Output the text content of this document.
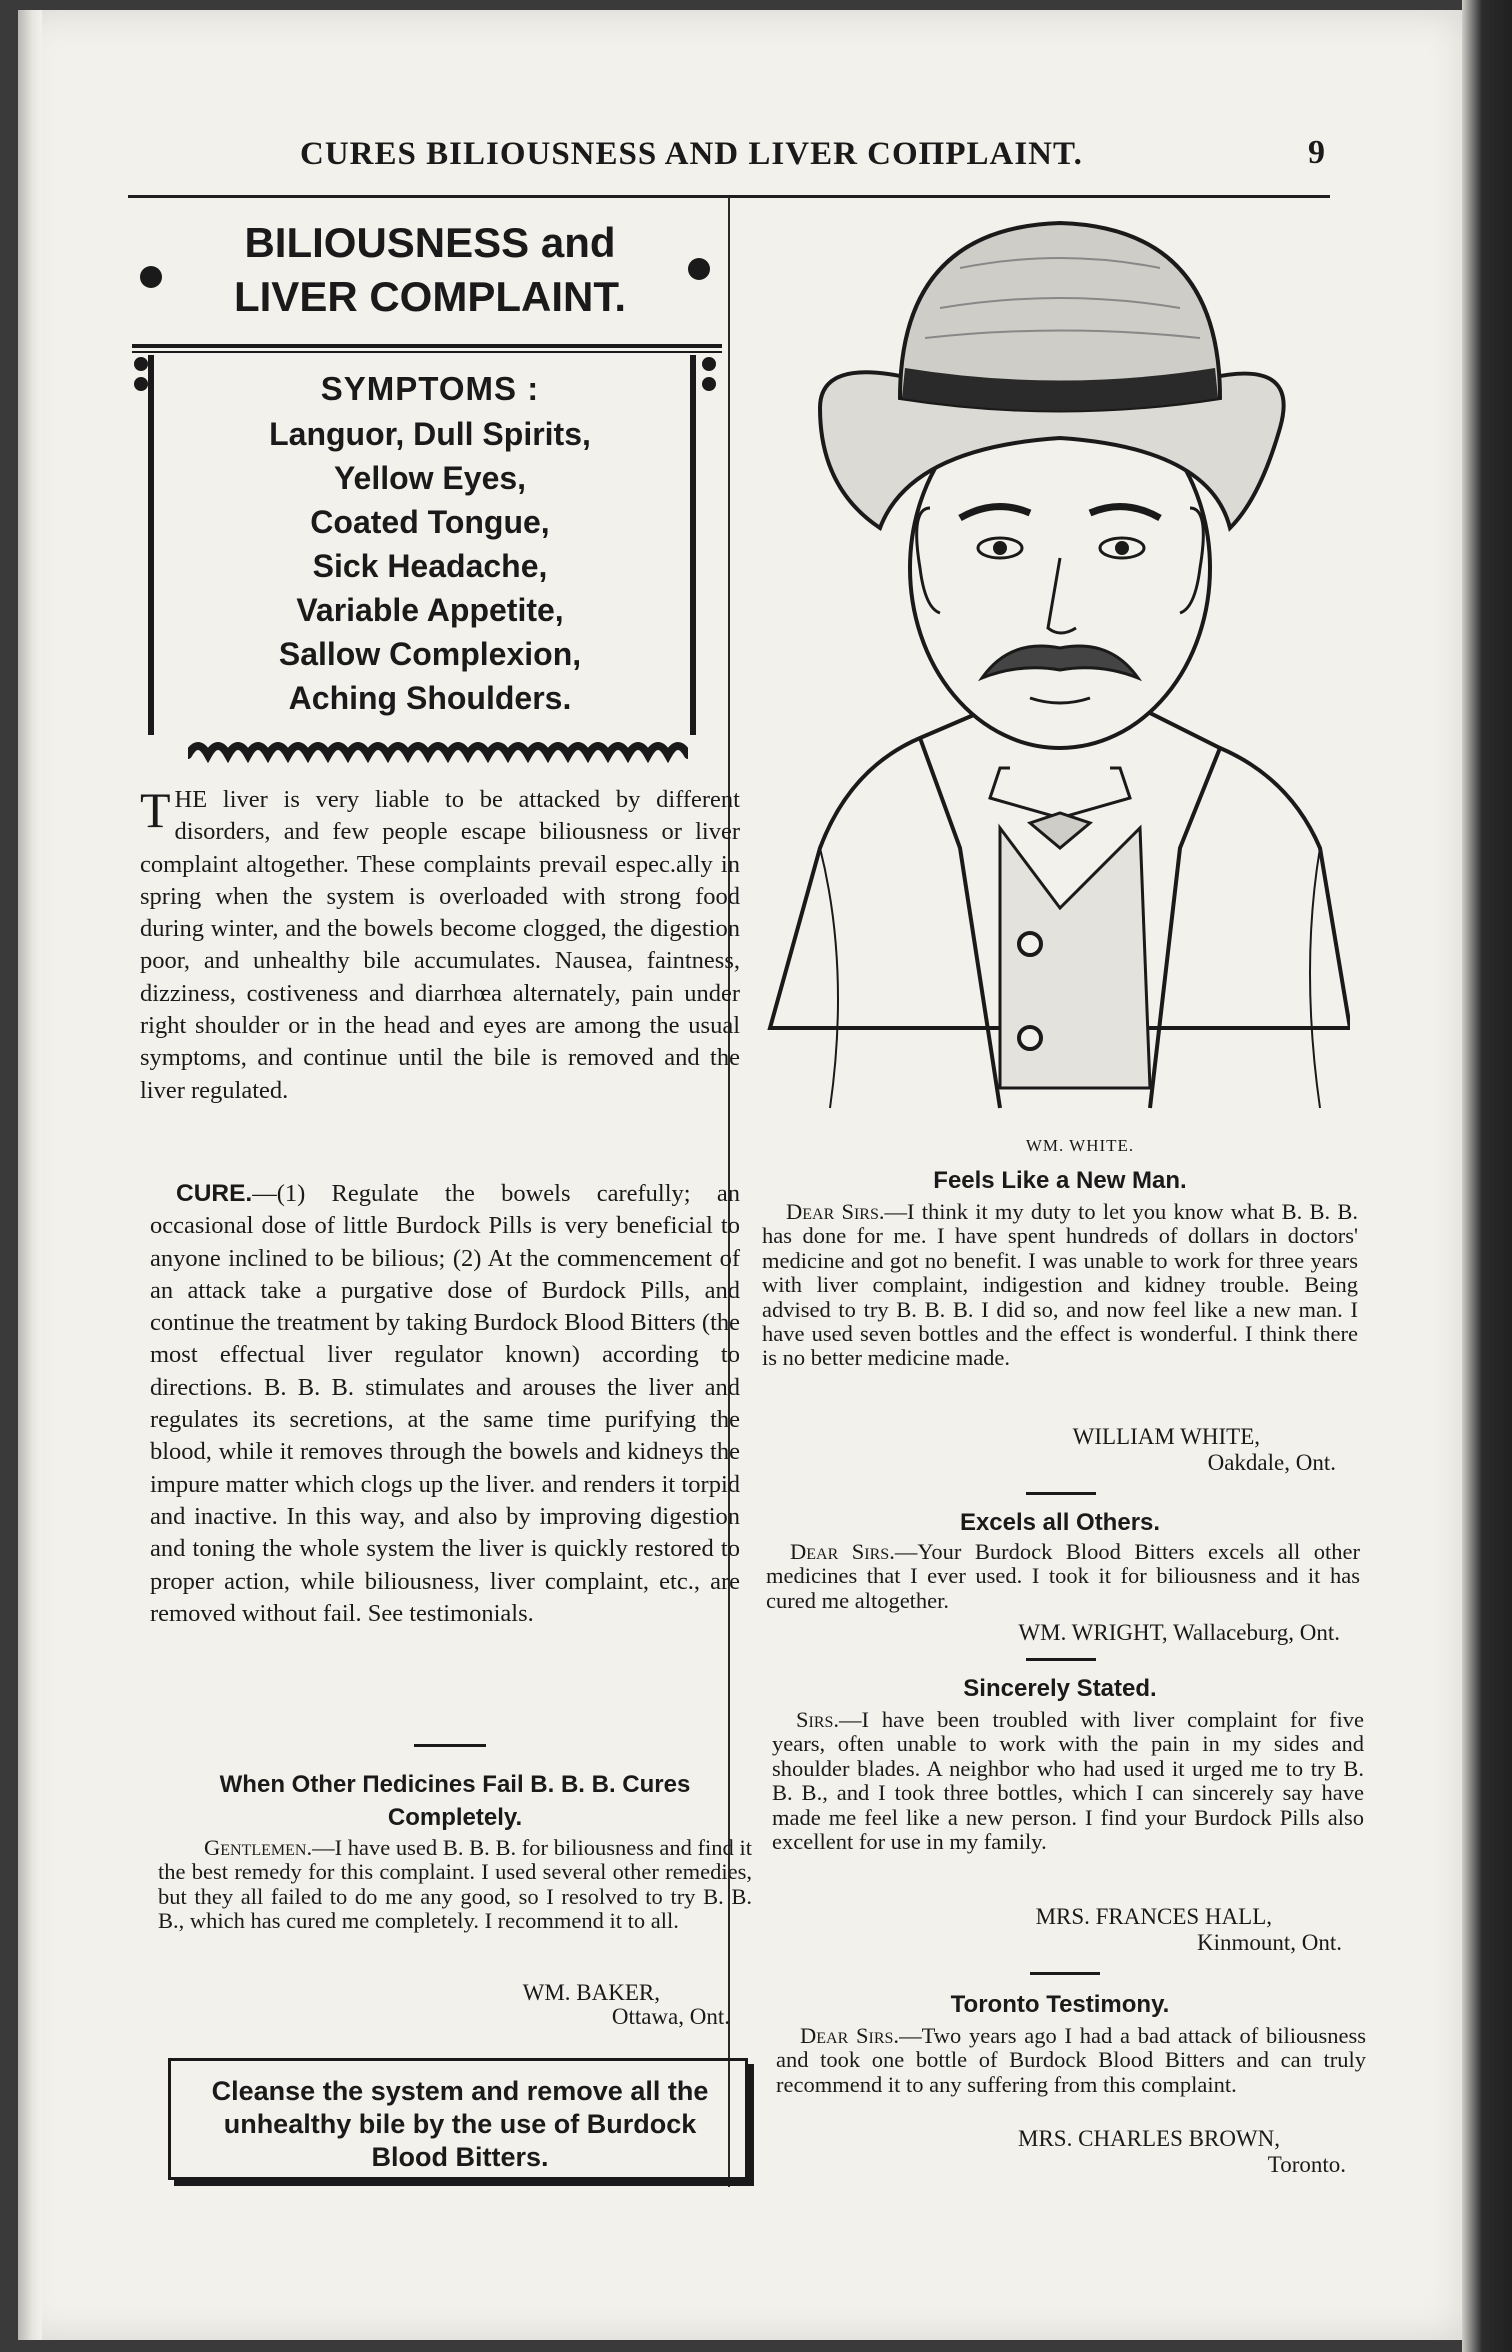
CURES BILIOUSNESS AND LIVER COПPLAINT.	9
BILIOUSNESS and
LIVER COMPLAINT.
SYMPTOMS :
Languor, Dull Spirits,
Yellow Eyes,
Coated Tongue,
Sick Headache,
Variable Appetite,
Sallow Complexion,
Aching Shoulders.
THE liver is very liable to be attacked by different disorders, and few people escape biliousness or liver complaint altogether. These complaints prevail espec.ally in spring when the system is overloaded with strong food during winter, and the bowels become clogged, the digestion poor, and unhealthy bile accumulates. Nausea, faintness, dizziness, costiveness and diarrhœa alternately, pain under right shoulder or in the head and eyes are among the usual symptoms, and continue until the bile is removed and the liver regulated.
CURE.—(1) Regulate the bowels carefully; an occasional dose of little Burdock Pills is very beneficial to anyone inclined to be bilious; (2) At the commencement of an attack take a purgative dose of Burdock Pills, and continue the treatment by taking Burdock Blood Bitters (the most effectual liver regulator known) according to directions. B. B. B. stimulates and arouses the liver and regulates its secretions, at the same time purifying the blood, while it removes through the bowels and kidneys the impure matter which clogs up the liver. and renders it torpid and inactive. In this way, and also by improving digestion and toning the whole system the liver is quickly restored to proper action, while biliousness, liver complaint, etc., are removed without fail. See testimonials.
When Other Пedicines Fail B. B. B. Cures Completely.
Gentlemen.—I have used B. B. B. for biliousness and find it the best remedy for this complaint. I used several other remedies, but they all failed to do me any good, so I resolved to try B. B. B., which has cured me completely. I recommend it to all.
WM. BAKER,
Ottawa, Ont.
Cleanse the system and remove all the unhealthy bile by the use of Burdock Blood Bitters.
WM. WHITE.
Feels Like a New Man.
Dear Sirs.—I think it my duty to let you know what B. B. B. has done for me. I have spent hundreds of dollars in doctors' medicine and got no benefit. I was unable to work for three years with liver complaint, indigestion and kidney trouble. Being advised to try B. B. B. I did so, and now feel like a new man. I have used seven bottles and the effect is wonderful. I think there is no better medicine made.
WILLIAM WHITE,
Oakdale, Ont.
Excels all Others.
Dear Sirs.—Your Burdock Blood Bitters excels all other medicines that I ever used. I took it for biliousness and it has cured me altogether.
WM. WRIGHT, Wallaceburg, Ont.
Sincerely Stated.
Sirs.—I have been troubled with liver complaint for five years, often unable to work with the pain in my sides and shoulder blades. A neighbor who had used it urged me to try B. B. B., and I took three bottles, which I can sincerely say have made me feel like a new person. I find your Burdock Pills also excellent for use in my family.
MRS. FRANCES HALL,
Kinmount, Ont.
Toronto Testimony.
Dear Sirs.—Two years ago I had a bad attack of biliousness and took one bottle of Burdock Blood Bitters and can truly recommend it to any suffering from this complaint.
MRS. CHARLES BROWN,
Toronto.
